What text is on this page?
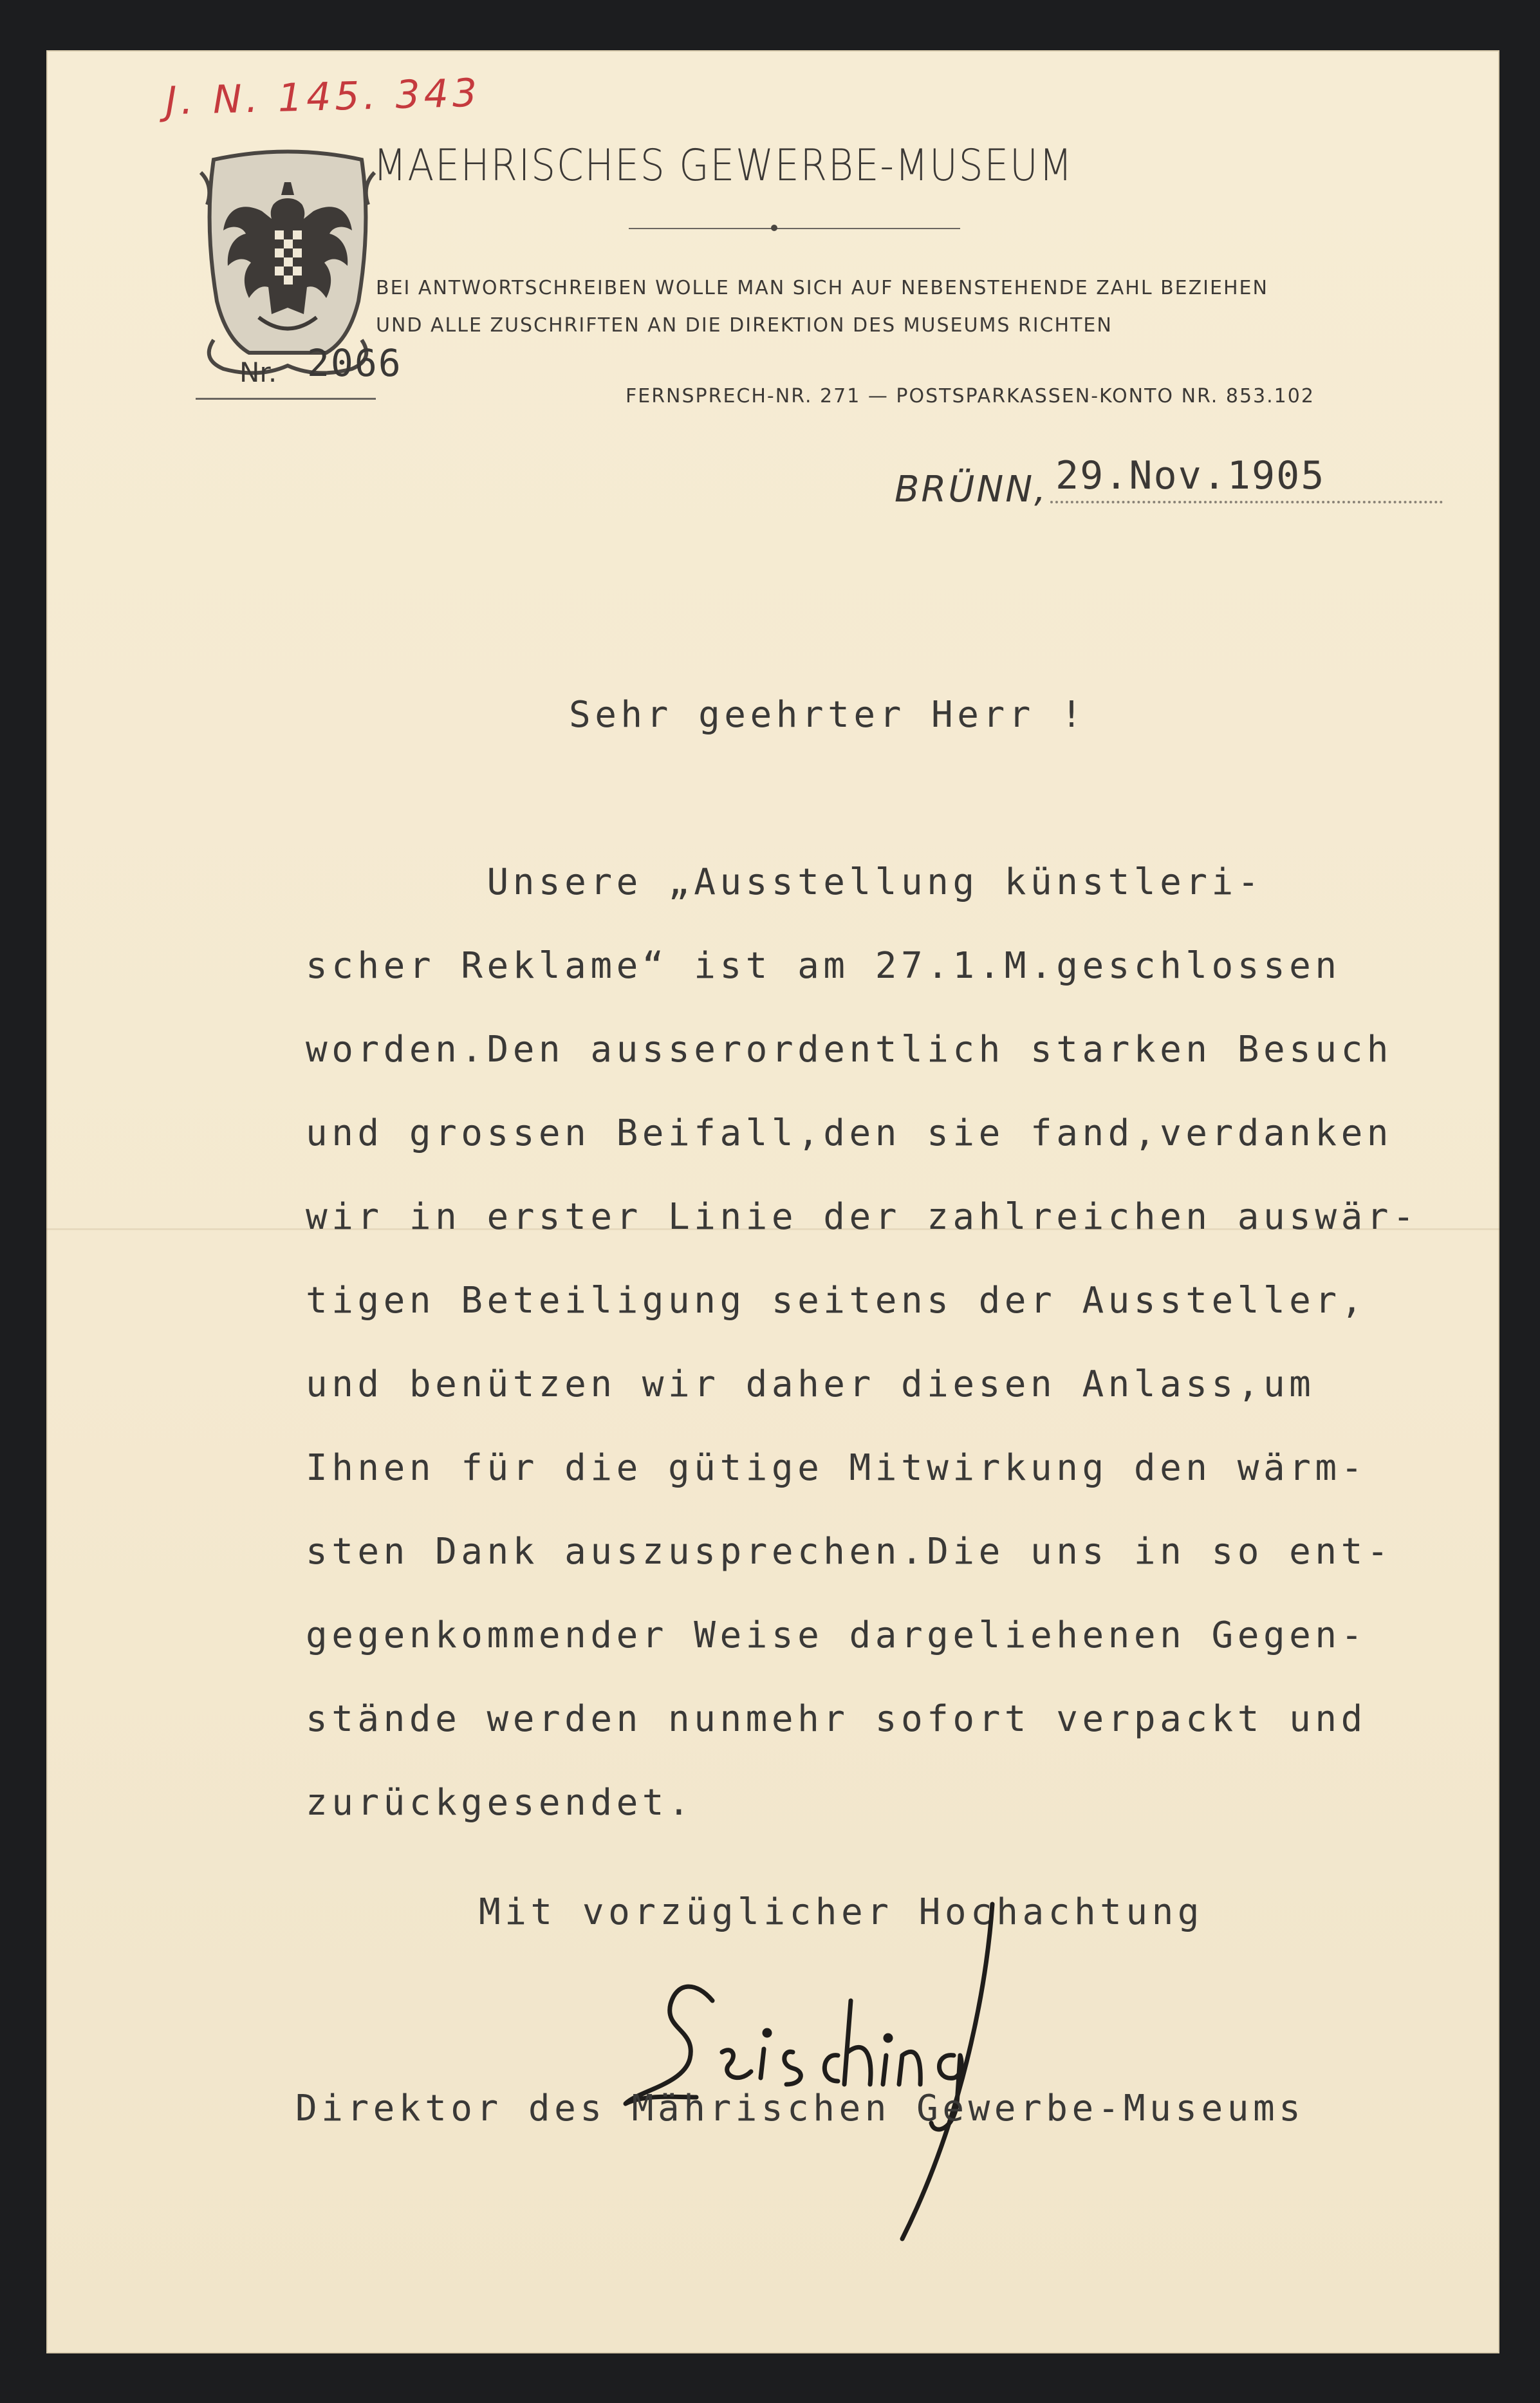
J. N. 145. 343
MAEHRISCHES GEWERBE-MUSEUM
BEI ANTWORTSCHREIBEN WOLLE MAN SICH AUF NEBENSTEHENDE ZAHL BEZIEHEN
UND ALLE ZUSCHRIFTEN AN DIE DIREKTION DES MUSEUMS RICHTEN
Nr. 2066
FERNSPRECH-NR. 271 — POSTSPARKASSEN-KONTO NR. 853.102
BRÜNN, 29.Nov.1905
Sehr geehrter Herr !
Unsere „Ausstellung künstleri-
scher Reklame“ ist am 27.1.M.geschlossen
worden.Den ausserordentlich starken Besuch
und grossen Beifall,den sie fand,verdanken
wir in erster Linie der zahlreichen auswär-
tigen Beteiligung seitens der Aussteller,
und benützen wir daher diesen Anlass,um
Ihnen für die gütige Mitwirkung den wärm-
sten Dank auszusprechen.Die uns in so ent-
gegenkommender Weise dargeliehenen Gegen-
stände werden nunmehr sofort verpackt und
zurückgesendet.
Mit vorzüglicher Hochachtung
Direktor des Mährischen Gewerbe-Museums
